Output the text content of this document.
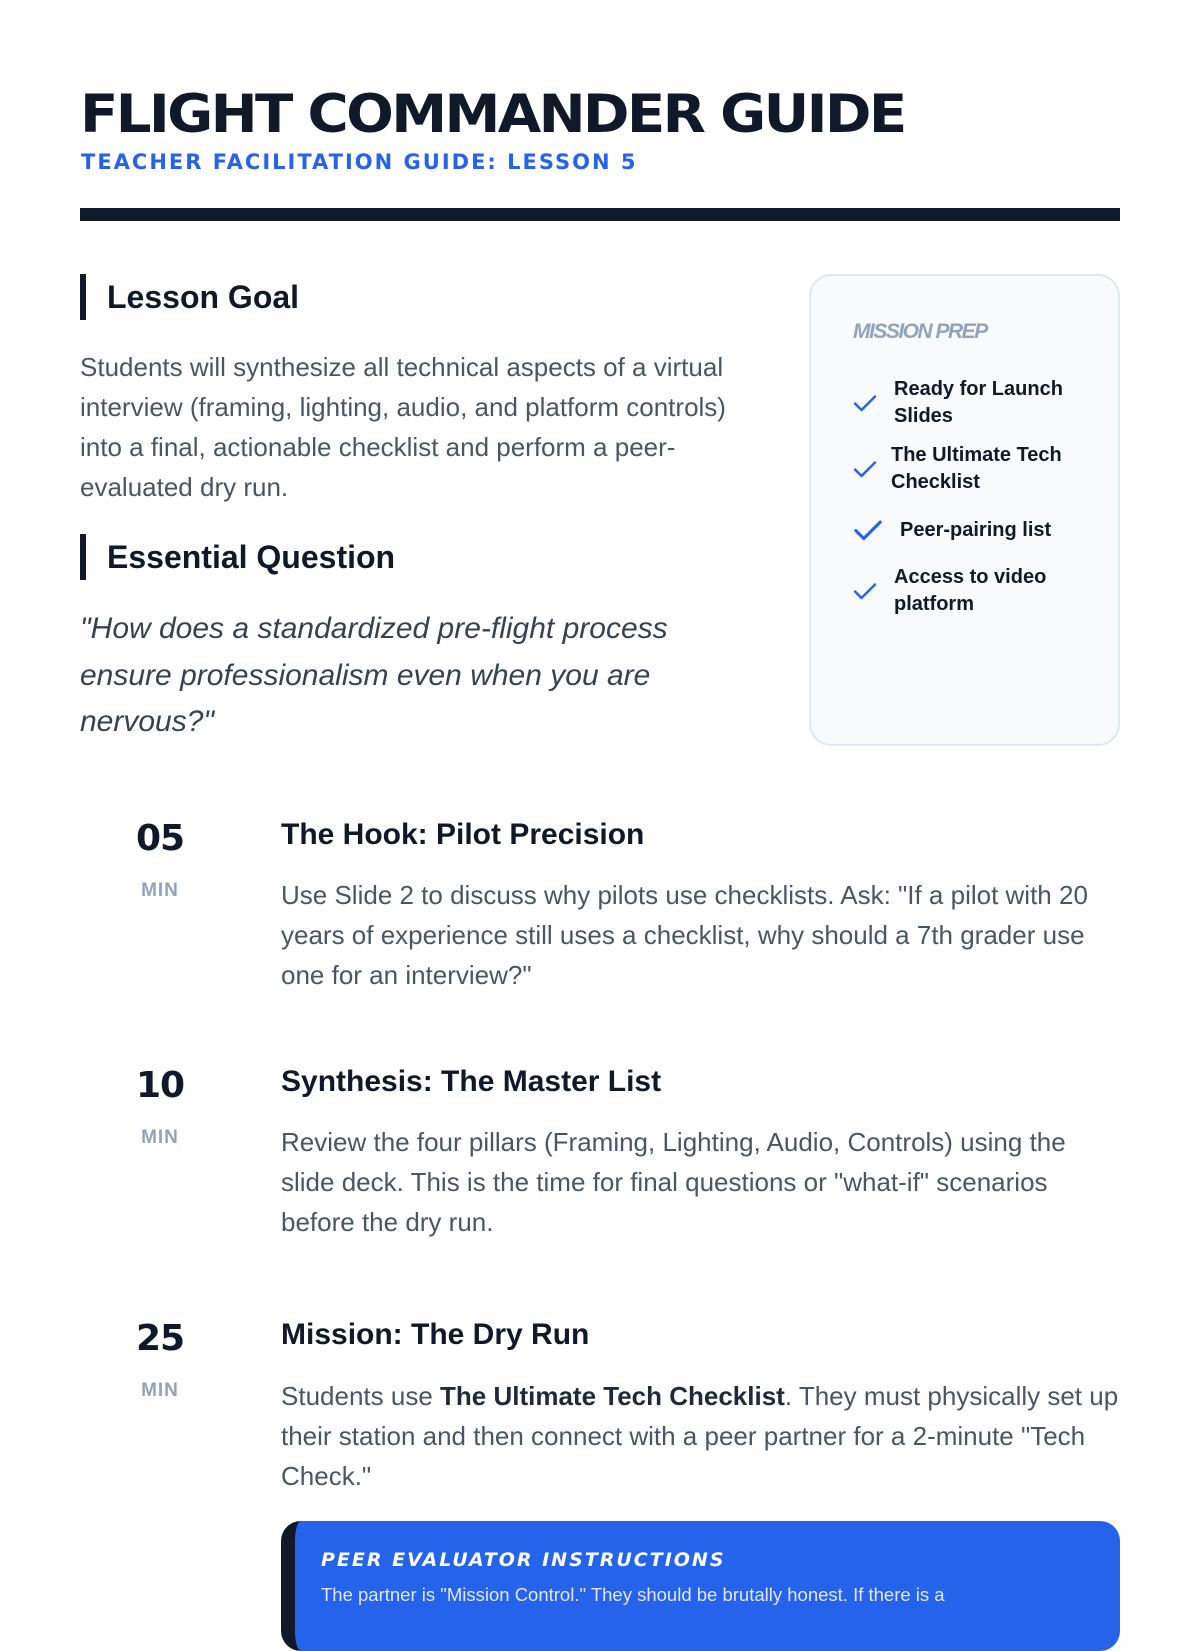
FLIGHT COMMANDER GUIDE
TEACHER FACILITATION GUIDE: LESSON 5
Lesson Goal

Students will synthesize all technical aspects of a virtual interview (framing, lighting, audio, and platform controls) into a final, actionable checklist and perform a peer-evaluated dry run.

Essential Question

"How does a standardized pre-flight process ensure professionalism even when you are nervous?"

MISSION PREP
Ready for Launch Slides
The Ultimate Tech Checklist
Peer-pairing list
Access to video platform
05
MIN
The Hook: Pilot Precision

Use Slide 2 to discuss why pilots use checklists. Ask: "If a pilot with 20 years of experience still uses a checklist, why should a 7th grader use one for an interview?"

10
MIN
Synthesis: The Master List

Review the four pillars (Framing, Lighting, Audio, Controls) using the slide deck. This is the time for final questions or "what-if" scenarios before the dry run.

25
MIN
Mission: The Dry Run

Students use The Ultimate Tech Checklist. They must physically set up their station and then connect with a peer partner for a 2-minute "Tech Check."

PEER EVALUATOR INSTRUCTIONS

The partner is "Mission Control." They should be brutally honest. If there is a
